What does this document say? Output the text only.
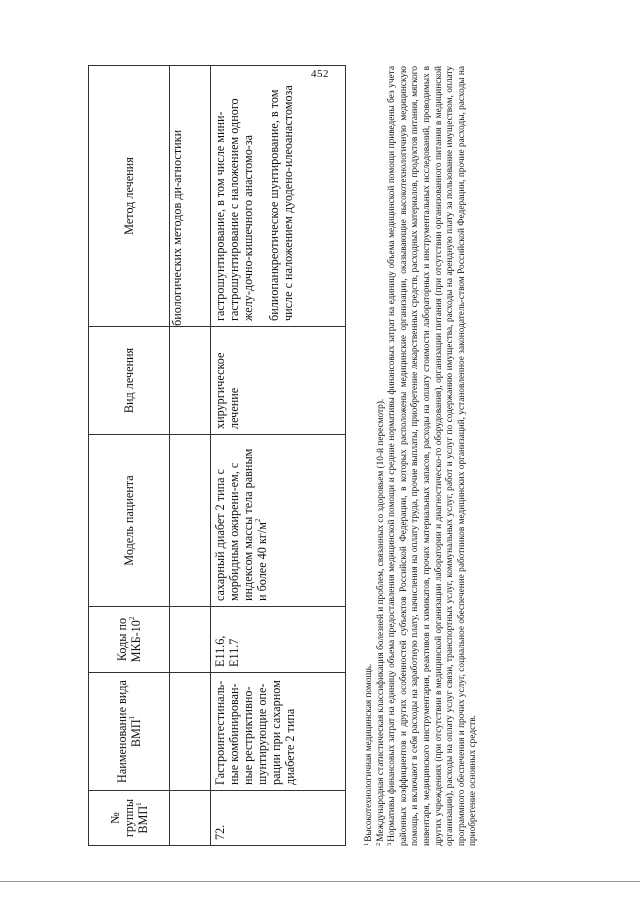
452
№ группы ВМП$^1$	Наименование вида ВМП$^1$	Коды по МКБ-$10^2$	Модель пациента	Вид лечения	Метод лечения

					биологических методов ди-агностики

72.	Гастроинтестиналь-ные комбинирован-ные рестриктивно-шунтирующие опе-рации при сахарном диабете 2 типа	E11.6, E11.7	сахарный диабет 2 типа с морбидным ожирени-ем, с индексом массы тела равным и более 40 $кг/м^2$	хирургическое лечение	гастрошунтирование, в том числе мини-гастрошунтирование с наложением одного желу-дочно-кишечного анастомо-за билиопанкреотическое шунтирование, в том числе с наложением дуодено-илеоанастомоза

$^1$Высокотехнологичная медицинская помощь.

$^2$Международная статистическая классификация болезней и проблем, связанных со здоровьем (10-й пересмотр).

$^3$Нормативы финансовых затрат на единицу объема предоставления медицинской помощи и средние нормативы финансовых затрат на единицу объема медицинской помощи приведены без учета районных коэффициентов и других особенностей субъектов Российской Федерации, в которых расположены медицинские организации, оказывающие высокотехнологичную медицинскую помощь, и включают в себя расходы на заработную плату, начисления на оплату труда, прочие выплаты, приобретение лекарственных средств, расходных материалов, продуктов питания, мягкого инвентаря, медицинского инструментария, реактивов и химикатов, прочих материальных запасов, расходы на оплату стоимости лабораторных и инструментальных исследований, проводимых в других учреждениях (при отсутствии в медицинской организации лаборатории и диагностическо-го оборудования), организации питания (при отсутствии организованного питания в медицинской организации), расходы на оплату услуг связи, транспортных услуг, коммунальных услуг, работ и услуг по содержанию имущества, расходы на арендную плату за пользование имуществом, оплату программного обеспечения и прочих услуг, социальное обеспечение работников медицинских организаций, установленное законодатель-ством Российской Федерации, прочие расходы, расходы на приобретение основных средств.
